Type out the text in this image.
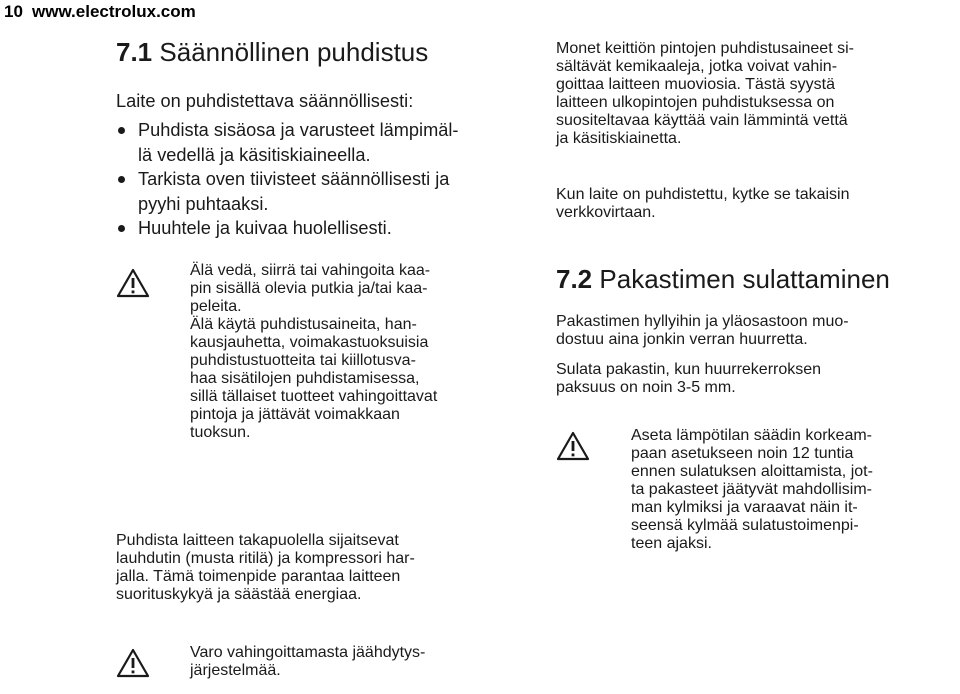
10 www.electrolux.com
7.1 Säännöllinen puhdistus

Laite on puhdistettava säännöllisesti:

Puhdista sisäosa ja varusteet lämpimäl-
lä vedellä ja käsitiskiaineella.
Tarkista oven tiivisteet säännöllisesti ja
pyyhi puhtaaksi.
Huuhtele ja kuivaa huolellisesti.
Älä vedä, siirrä tai vahingoita kaa-
pin sisällä olevia putkia ja/tai kaa-
peleita.
Älä käytä puhdistusaineita, han-
kausjauhetta, voimakastuoksuisia
puhdistustuotteita tai kiillotusva-
haa sisätilojen puhdistamisessa,
sillä tällaiset tuotteet vahingoittavat
pintoja ja jättävät voimakkaan
tuoksun.
Puhdista laitteen takapuolella sijaitsevat
lauhdutin (musta ritilä) ja kompressori har-
jalla. Tämä toimenpide parantaa laitteen
suorituskykyä ja säästää energiaa.
Varo vahingoittamasta jäähdytys-
järjestelmää.
Monet keittiön pintojen puhdistusaineet si-
sältävät kemikaaleja, jotka voivat vahin-
goittaa laitteen muoviosia. Tästä syystä
laitteen ulkopintojen puhdistuksessa on
suositeltavaa käyttää vain lämmintä vettä
ja käsitiskiainetta.
Kun laite on puhdistettu, kytke se takaisin
verkkovirtaan.
7.2 Pakastimen sulattaminen
Pakastimen hyllyihin ja yläosastoon muo-
dostuu aina jonkin verran huurretta.
Sulata pakastin, kun huurrekerroksen
paksuus on noin 3-5 mm.
Aseta lämpötilan säädin korkeam-
paan asetukseen noin 12 tuntia
ennen sulatuksen aloittamista, jot-
ta pakasteet jäätyvät mahdollisim-
man kylmiksi ja varaavat näin it-
seensä kylmää sulatustoimenpi-
teen ajaksi.
